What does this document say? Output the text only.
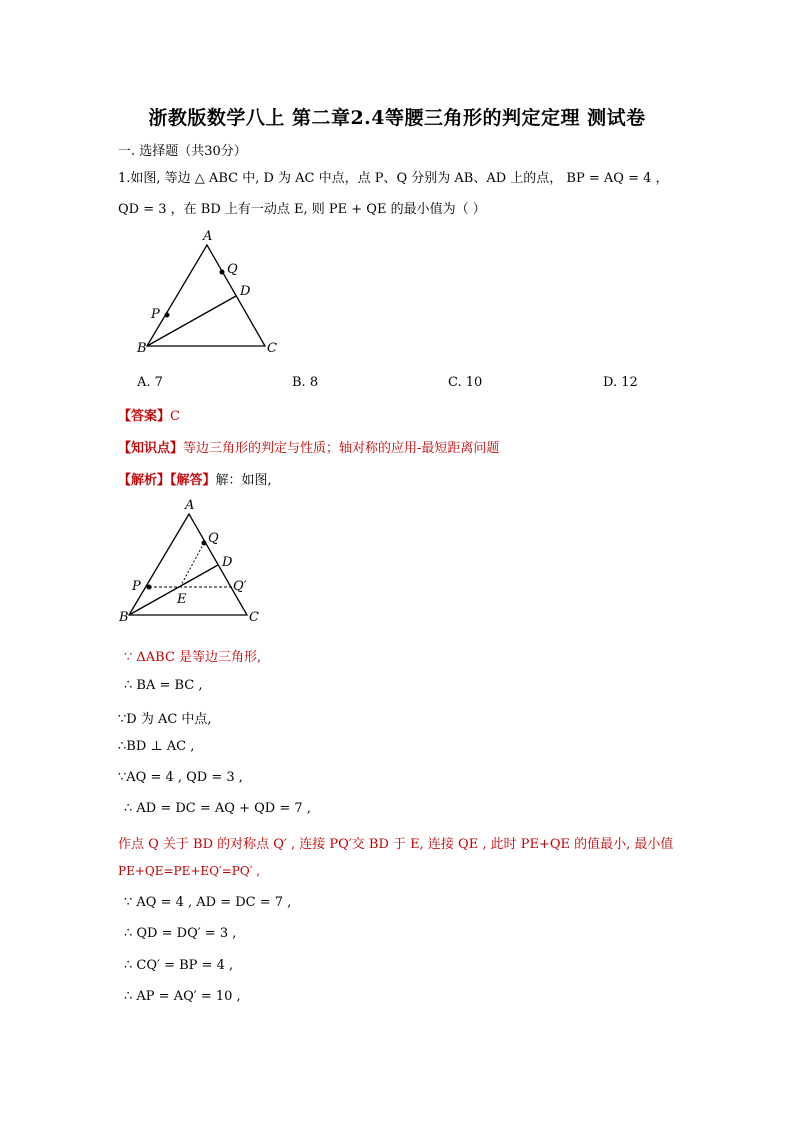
浙教版数学八上 第二章2.4等腰三角形的判定定理 测试卷
一. 选择题（共30分）
1.如图, 等边 △ ABC 中, D 为 AC 中点，点 P、Q 分别为 AB、AD 上的点， BP = AQ = 4 ，
QD = 3 ，在 BD 上有一动点 E, 则 PE + QE 的最小值为（ ）
A
Q
D
P
B	C
A. 7	B. 8	C. 10	D. 12
【答案】C
【知识点】等边三角形的判定与性质；轴对称的应用-最短距离问题
【解析】【解答】解：如图,
A
Q
D
P	Q′
E
B	C
∵ ΔABC 是等边三角形,
∴ BA = BC ,
∵D 为 AC 中点,
∴BD ⊥ AC ,
∵AQ = 4 , QD = 3 ,
∴ AD = DC = AQ + QD = 7 ,
作点 Q 关于 BD 的对称点 Q′ , 连接 PQ′交 BD 于 E, 连接 QE , 此时 PE+QE 的值最小, 最小值
PE+QE=PE+EQ′=PQ′ ,
∵ AQ = 4 , AD = DC = 7 ,
∴ QD = DQ′ = 3 ,
∴ CQ′ = BP = 4 ,
∴ AP = AQ′ = 10 ,
